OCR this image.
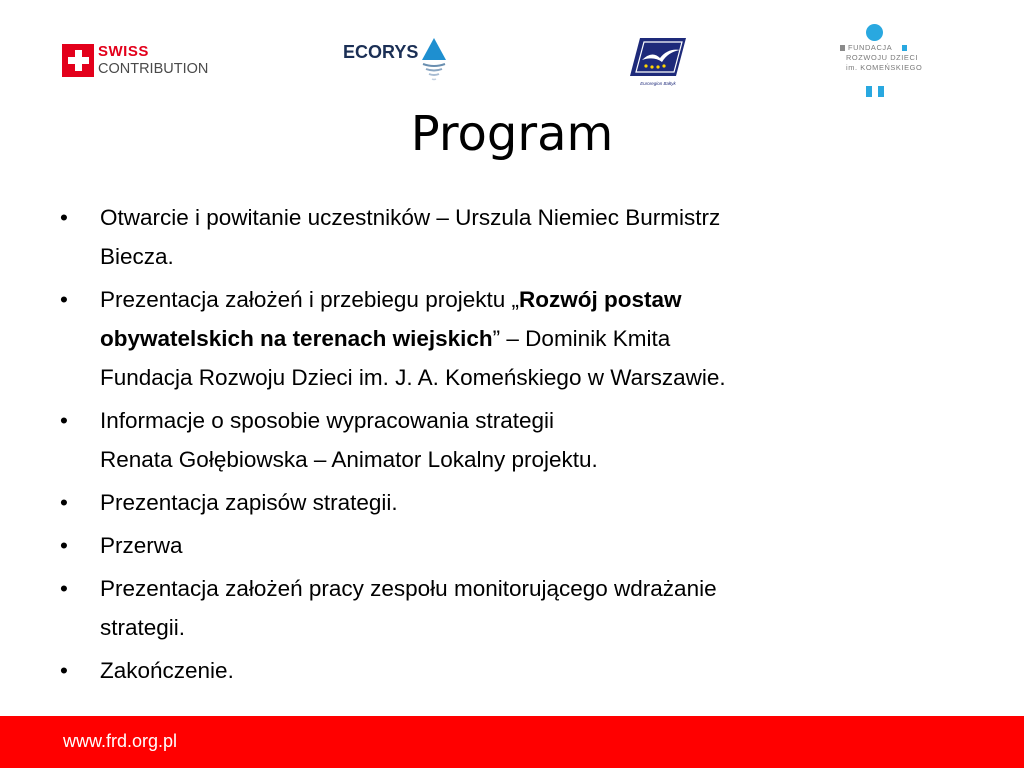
SWISS
CONTRIBUTION
ECORYS
Euroregion Bałtyk
FUNDACJA
ROZWOJU DZIECI
im. KOMEŃSKIEGO
Program
• Otwarcie i powitanie uczestników – Urszula Niemiec Burmistrz
Biecza.
• Prezentacja założeń i przebiegu projektu „Rozwój postaw
obywatelskich na terenach wiejskich” – Dominik Kmita
Fundacja Rozwoju Dzieci im. J. A. Komeńskiego w Warszawie.
• Informacje o sposobie wypracowania strategii
Renata Gołębiowska – Animator Lokalny projektu.
• Prezentacja zapisów strategii.
• Przerwa
• Prezentacja założeń pracy zespołu monitorującego wdrażanie
strategii.
• Zakończenie.
www.frd.org.pl
